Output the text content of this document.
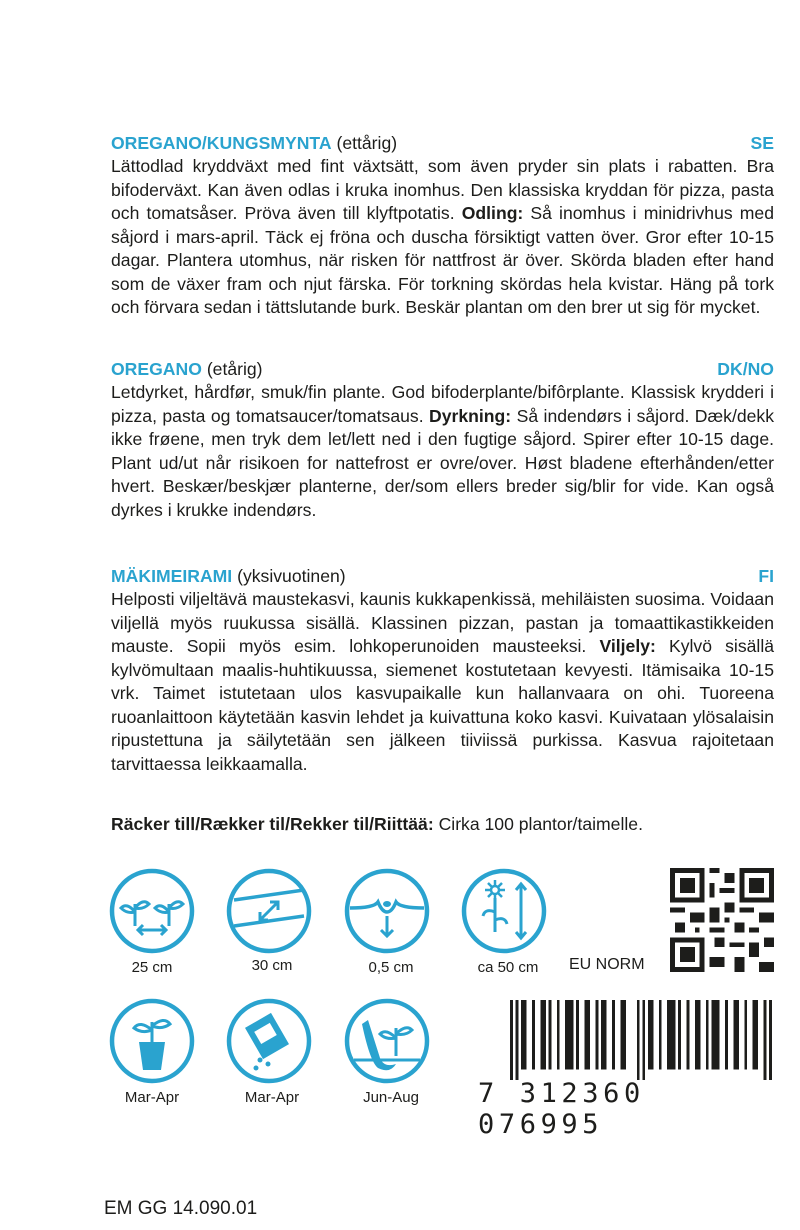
OREGANO/KUNGSMYNTA (ettårig)	SE
Lättodlad kryddväxt med fint växtsätt, som även pryder sin plats i rabatten. Bra bifoderväxt. Kan även odlas i kruka inomhus. Den klassiska kryddan för pizza, pasta och tomatsåser. Pröva även till klyftpotatis. Odling: Så inomhus i minidrivhus med såjord i mars-april. Täck ej fröna och duscha försiktigt vatten över. Gror efter 10-15 dagar. Plantera utomhus, när risken för nattfrost är över. Skörda bladen efter hand som de växer fram och njut färska. För torkning skördas hela kvistar. Häng på tork och förvara sedan i tättslutande burk. Beskär plantan om den brer ut sig för mycket.
OREGANO (etårig)	DK/NO
Letdyrket, hårdfør, smuk/fin plante. God bifoderplante/bifôrplante. Klassisk krydderi i pizza, pasta og tomatsaucer/tomatsaus. Dyrkning: Så indendørs i såjord. Dæk/dekk ikke frøene, men tryk dem let/lett ned i den fugtige såjord. Spirer efter 10-15 dage. Plant ud/ut når risikoen for nattefrost er ovre/over. Høst bladene efterhånden/etter hvert. Beskær/beskjær planterne, der/som ellers breder sig/blir for vide. Kan også dyrkes i krukke indendørs.
MÄKIMEIRAMI (yksivuotinen)	FI
Helposti viljeltävä maustekasvi, kaunis kukkapenkissä, mehiläisten suosima. Voidaan viljellä myös ruukussa sisällä. Klassinen pizzan, pastan ja tomaattikastikkeiden mauste. Sopii myös esim. lohkoperunoiden mausteeksi. Viljely: Kylvö sisällä kylvömultaan maalis-huhtikuussa, siemenet kostutetaan kevyesti. Itämisaika 10-15 vrk. Taimet istutetaan ulos kasvupaikalle kun hallanvaara on ohi. Tuoreena ruoanlaittoon käytetään kasvin lehdet ja kuivattuna koko kasvi. Kuivataan ylösalaisin ripustettuna ja säilytetään sen jälkeen tiiviissä purkissa. Kasvua rajoitetaan tarvittaessa leikkaamalla.
Räcker till/Rækker til/Rekker til/Riittää: Cirka 100 plantor/taimelle.
25 cm	30 cm	0,5 cm	ca 50 cm
Mar-Apr	Mar-Apr	Jun-Aug
EU NORM
7 312360 076995
EM GG 14.090.01
